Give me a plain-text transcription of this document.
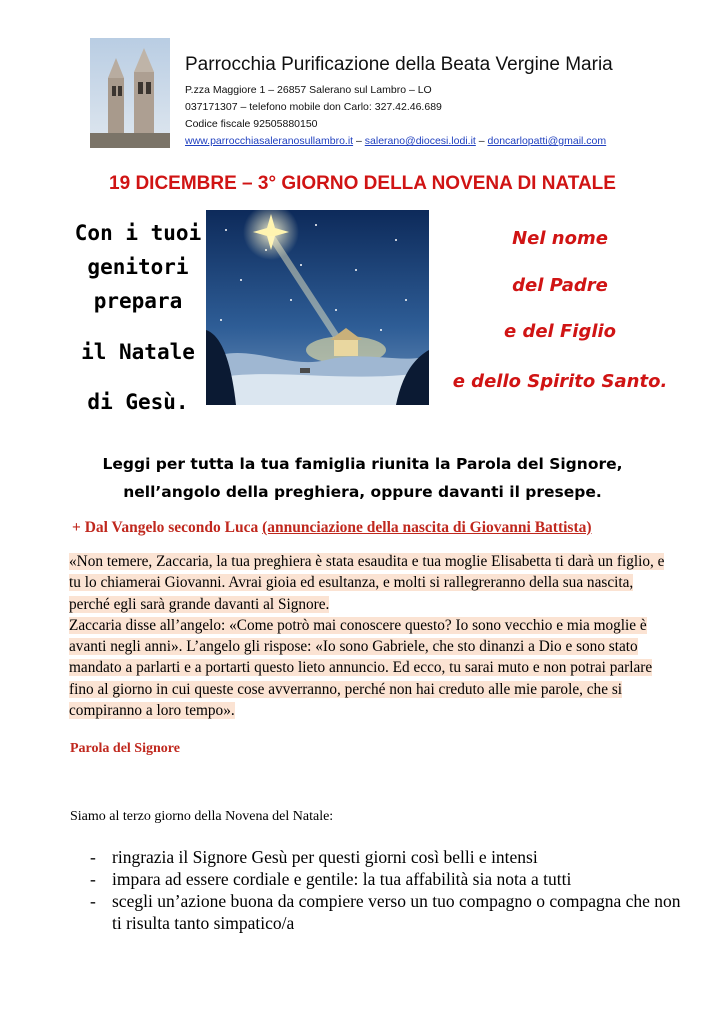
Parrocchia Purificazione della Beata Vergine Maria
P.zza Maggiore 1 – 26857 Salerano sul Lambro – LO
037171307 – telefono mobile don Carlo: 327.42.46.689
Codice fiscale 92505880150
www.parrocchiasaleranosullambro.it – salerano@diocesi.lodi.it – doncarlopatti@gmail.com
19 DICEMBRE – 3° GIORNO DELLA NOVENA DI NATALE
Con i tuoi
genitori
prepara
il Natale
di Gesù.
Nel nome
del Padre
e del Figlio
e dello Spirito Santo.
Leggi per tutta la tua famiglia riunita la Parola del Signore,
nell’angolo della preghiera, oppure davanti il presepe.
+ Dal Vangelo secondo Luca (annunciazione della nascita di Giovanni Battista)
«Non temere, Zaccaria, la tua preghiera è stata esaudita e tua moglie Elisabetta ti darà un figlio, e tu lo chiamerai Giovanni. Avrai gioia ed esultanza, e molti si rallegreranno della sua nascita, perché egli sarà grande davanti al Signore.
Zaccaria disse all’angelo: «Come potrò mai conoscere questo? Io sono vecchio e mia moglie è avanti negli anni». L’angelo gli rispose: «Io sono Gabriele, che sto dinanzi a Dio e sono stato mandato a parlarti e a portarti questo lieto annuncio. Ed ecco, tu sarai muto e non potrai parlare fino al giorno in cui queste cose avverranno, perché non hai creduto alle mie parole, che si compiranno a loro tempo».
Parola del Signore
Siamo al terzo giorno della Novena del Natale:
- ringrazia il Signore Gesù per questi giorni così belli e intensi
- impara ad essere cordiale e gentile: la tua affabilità sia nota a tutti
- scegli un’azione buona da compiere verso un tuo compagno o compagna che non ti risulta tanto simpatico/a
